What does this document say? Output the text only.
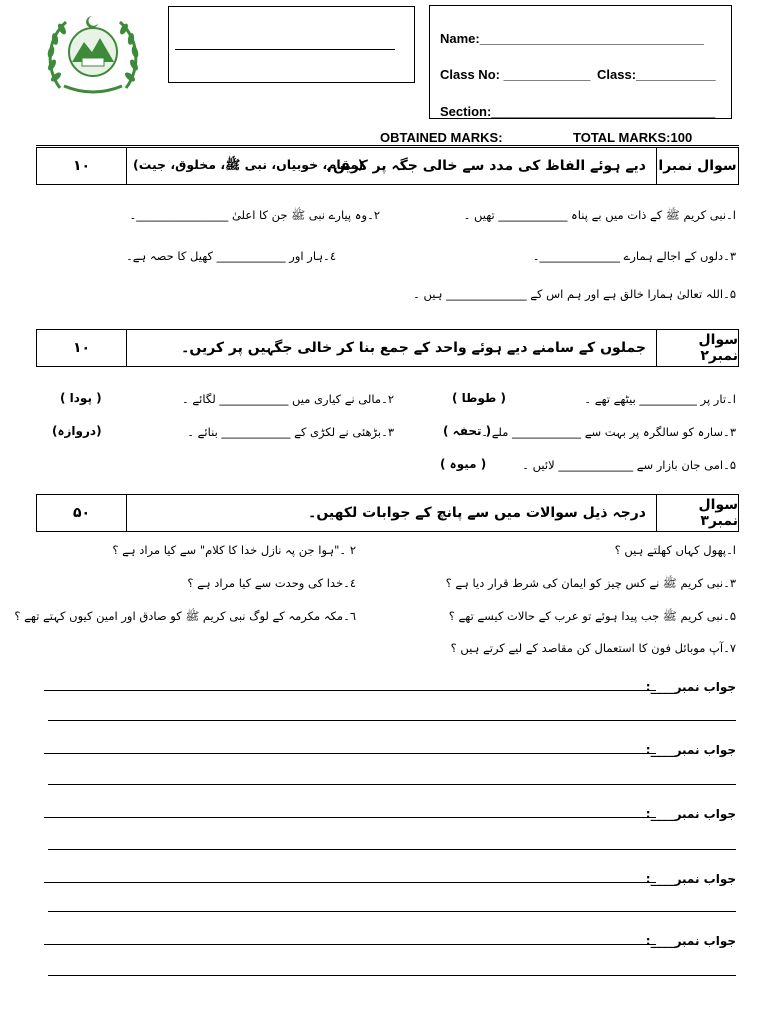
Name:_______________________________
Class No: ____________ Class:___________
Section:_______________________________
OBTAINED MARKS:	TOTAL MARKS:100
١٠	سوال نمبرا
دیے ہوئے الفاظ کی مدد سے خالی جگہ پر کریں۔
(مقام، خوبیاں، نبی ﷺ، مخلوق، جیت)
ا۔نبی کریم ﷺ کے ذات میں بے پناہ ____________ تھیں ۔
٢۔وہ پیارے نبی ﷺ جن کا اعلیٰ ________________۔
٣۔دلوں کے اجالے ہمارے ______________۔
٤۔ہار اور ____________ کھیل کا حصہ ہے۔
۵۔اللہ تعالیٰ ہمارا خالق ہے اور ہم اس کے ______________ ہیں ۔
١٠	سوال نمبر٢
جملوں کے سامنے دیے ہوئے واحد کے جمع بنا کر خالی جگہیں پر کریں۔
ا۔تار پر __________ بیٹھے تھے ۔
( طوطا )
٢۔مالی نے کیاری میں ____________ لگائے ۔
( پودا )
٣۔سارہ کو سالگرہ پر بہت سے ____________ ملے ۔
( تحفہ )
٣۔بڑھئی نے لکڑی کے ____________ بنائے ۔
(دروازہ)
۵۔امی جان بازار سے _____________ لائیں ۔
( میوہ )
۵٠	سوال نمبر٣
درجہ ذیل سوالات میں سے پانچ کے جوابات لکھیں۔
ا۔پھول کہاں کھلتے ہیں ؟
٢ ۔"ہوا جن پہ نازل خدا کا کلام" سے کیا مراد ہے ؟
٣۔نبی کریم ﷺ نے کس چیز کو ایمان کی شرط قرار دیا ہے ؟
٤۔خدا کی وحدت سے کیا مراد ہے ؟
۵۔نبی کریم ﷺ جب پیدا ہوئے تو عرب کے حالات کیسے تھے ؟
٦۔مکہ مکرمہ کے لوگ نبی کریم ﷺ کو صادق اور امین کیوں کہتے تھے ؟
٧۔آپ موبائل فون کا استعمال کن مقاصد کے لیے کرتے ہیں ؟
جواب نمبر____:
جواب نمبر____:
جواب نمبر____:
جواب نمبر____:
جواب نمبر____:
